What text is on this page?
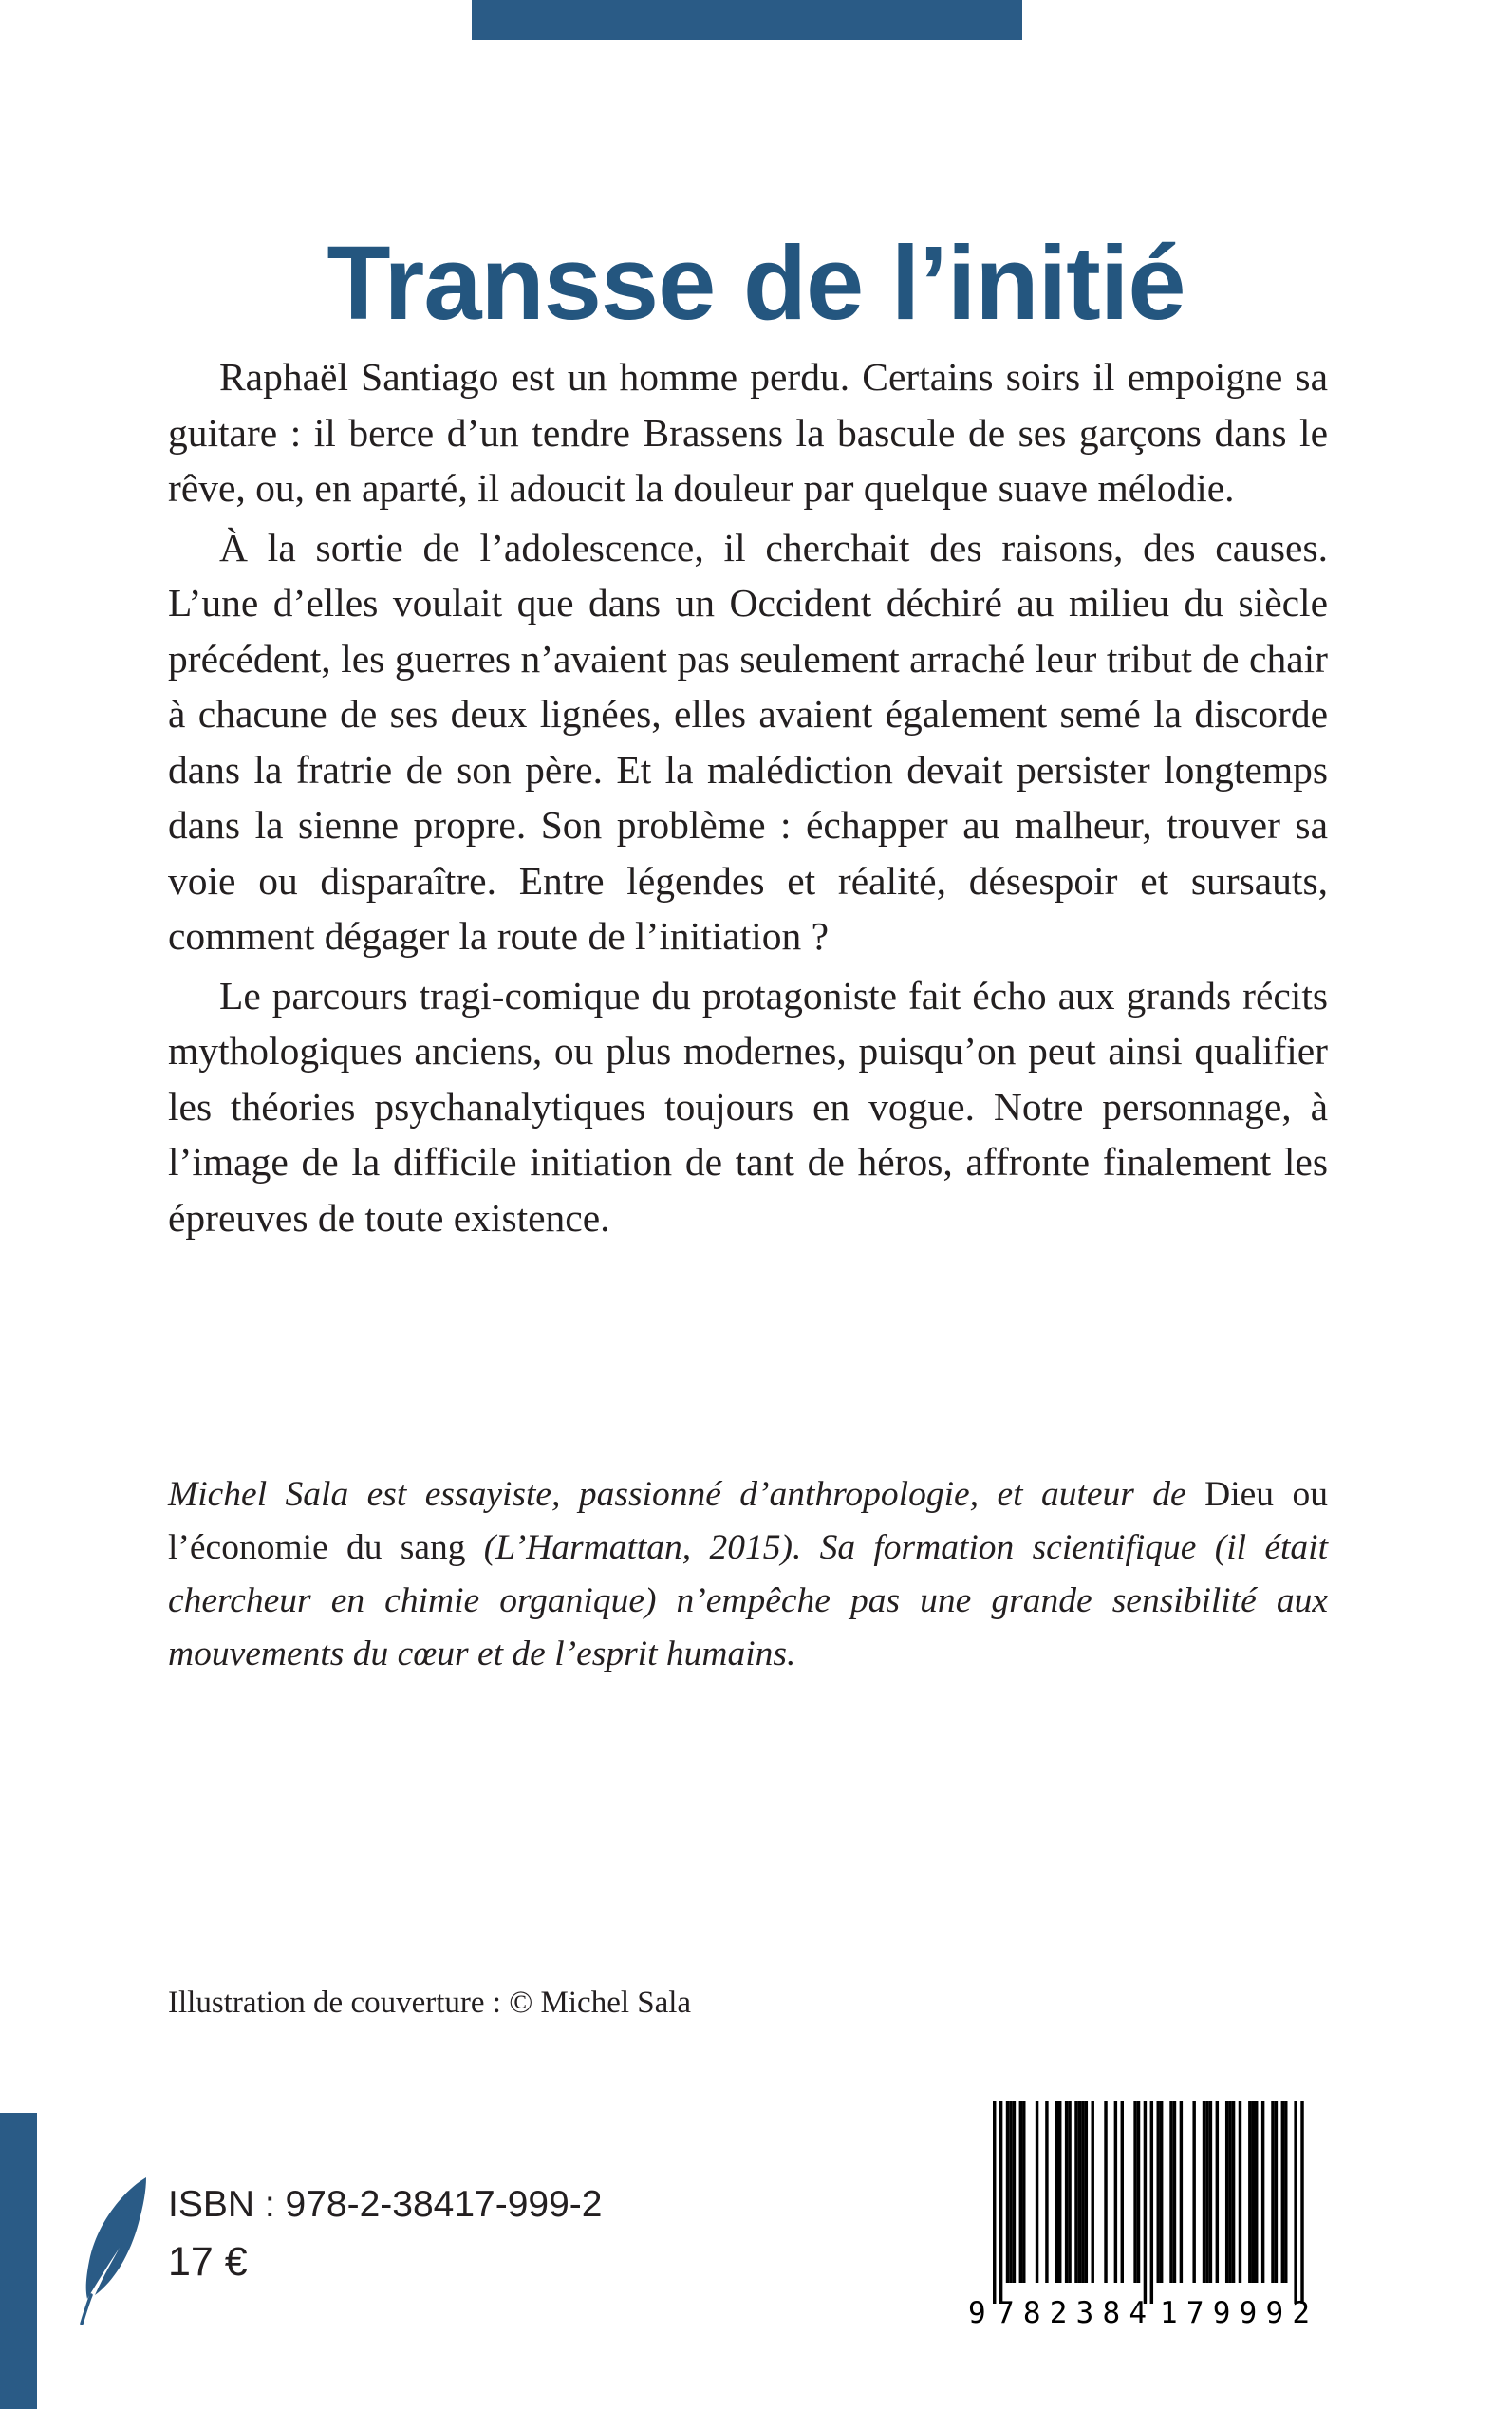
Transse de l’initié

Raphaël Santiago est un homme perdu. Certains soirs il empoigne sa guitare : il berce d’un tendre Brassens la bascule de ses garçons dans le rêve, ou, en aparté, il adoucit la douleur par quelque suave mélodie.

À la sortie de l’adolescence, il cherchait des raisons, des causes. L’une d’elles voulait que dans un Occident déchiré au milieu du siècle précédent, les guerres n’avaient pas seulement arraché leur tribut de chair à chacune de ses deux lignées, elles avaient également semé la discorde dans la fratrie de son père. Et la malédiction devait persister longtemps dans la sienne propre. Son problème : échapper au malheur, trouver sa voie ou disparaître. Entre légendes et réalité, désespoir et sursauts, comment dégager la route de l’initiation ?

Le parcours tragi-comique du protagoniste fait écho aux grands récits mythologiques anciens, ou plus modernes, puisqu’on peut ainsi qualifier les théories psychanalytiques toujours en vogue. Notre personnage, à l’image de la difficile initiation de tant de héros, affronte finalement les épreuves de toute existence.

Michel Sala est essayiste, passionné d’anthropologie, et auteur de Dieu ou l’économie du sang (L’Harmattan, 2015). Sa formation scientifique (il était chercheur en chimie organique) n’empêche pas une grande sensibilité aux mouvements du cœur et de l’esprit humains.
Illustration de couverture : © Michel Sala
ISBN : 978-2-38417-999-2
17 €
9 782384 179992
